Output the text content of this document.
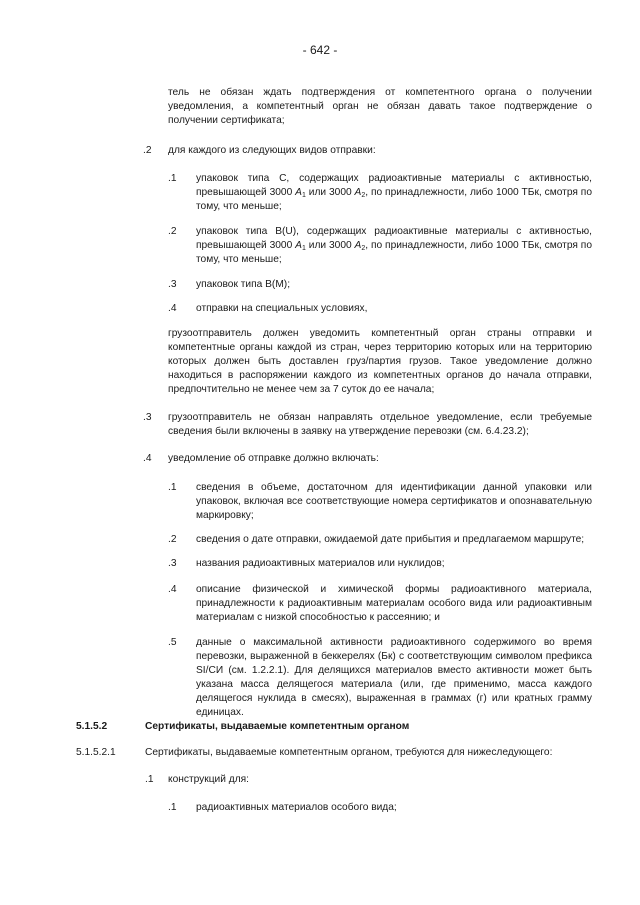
- 642 -

тель не обязан ждать подтверждения от компетентного органа о получении уведомления, а компетентный орган не обязан давать такое подтверждение о получении сертификата;

.2 для каждого из следующих видов отправки:

.1 упаковок типа C, содержащих радиоактивные материалы с активностью, превышающей 3000 $A_1$ или 3000 $A_2$, по принадлежности, либо 1000 ТБк, смотря по тому, что меньше;

.2 упаковок типа B(U), содержащих радиоактивные материалы с активностью, превышающей 3000 $A_1$ или 3000 $A_2$, по принадлежности, либо 1000 ТБк, смотря по тому, что меньше;

.3 упаковок типа B(M);

.4 отправки на специальных условиях,

грузоотправитель должен уведомить компетентный орган страны отправки и компетентные органы каждой из стран, через территорию которых или на территорию которых должен быть доставлен груз/партия грузов. Такое уведомление должно находиться в распоряжении каждого из компетентных органов до начала отправки, предпочтительно не менее чем за 7 суток до ее начала;

.3 грузоотправитель не обязан направлять отдельное уведомление, если требуемые сведения были включены в заявку на утверждение перевозки (см. 6.4.23.2);

.4 уведомление об отправке должно включать:

.1 сведения в объеме, достаточном для идентификации данной упаковки или упаковок, включая все соответствующие номера сертификатов и опознавательную маркировку;

.2 сведения о дате отправки, ожидаемой дате прибытия и предлагаемом маршруте;

.3 названия радиоактивных материалов или нуклидов;

.4 описание физической и химической формы радиоактивного материала, принадлежности к радиоактивным материалам особого вида или радиоактивным материалам с низкой способностью к рассеянию; и

.5 данные о максимальной активности радиоактивного содержимого во время перевозки, выраженной в беккерелях (Бк) с соответствующим символом префикса SI/СИ (см. 1.2.2.1). Для делящихся материалов вместо активности может быть указана масса делящегося материала (или, где применимо, масса каждого делящегося нуклида в смесях), выраженная в граммах (г) или кратных грамму единицах.

5.1.5.2	Сертификаты, выдаваемые компетентным органом
5.1.5.2.1	Сертификаты, выдаваемые компетентным органом, требуются для нижеследующего:

.1 конструкций для:

.1 радиоактивных материалов особого вида;
